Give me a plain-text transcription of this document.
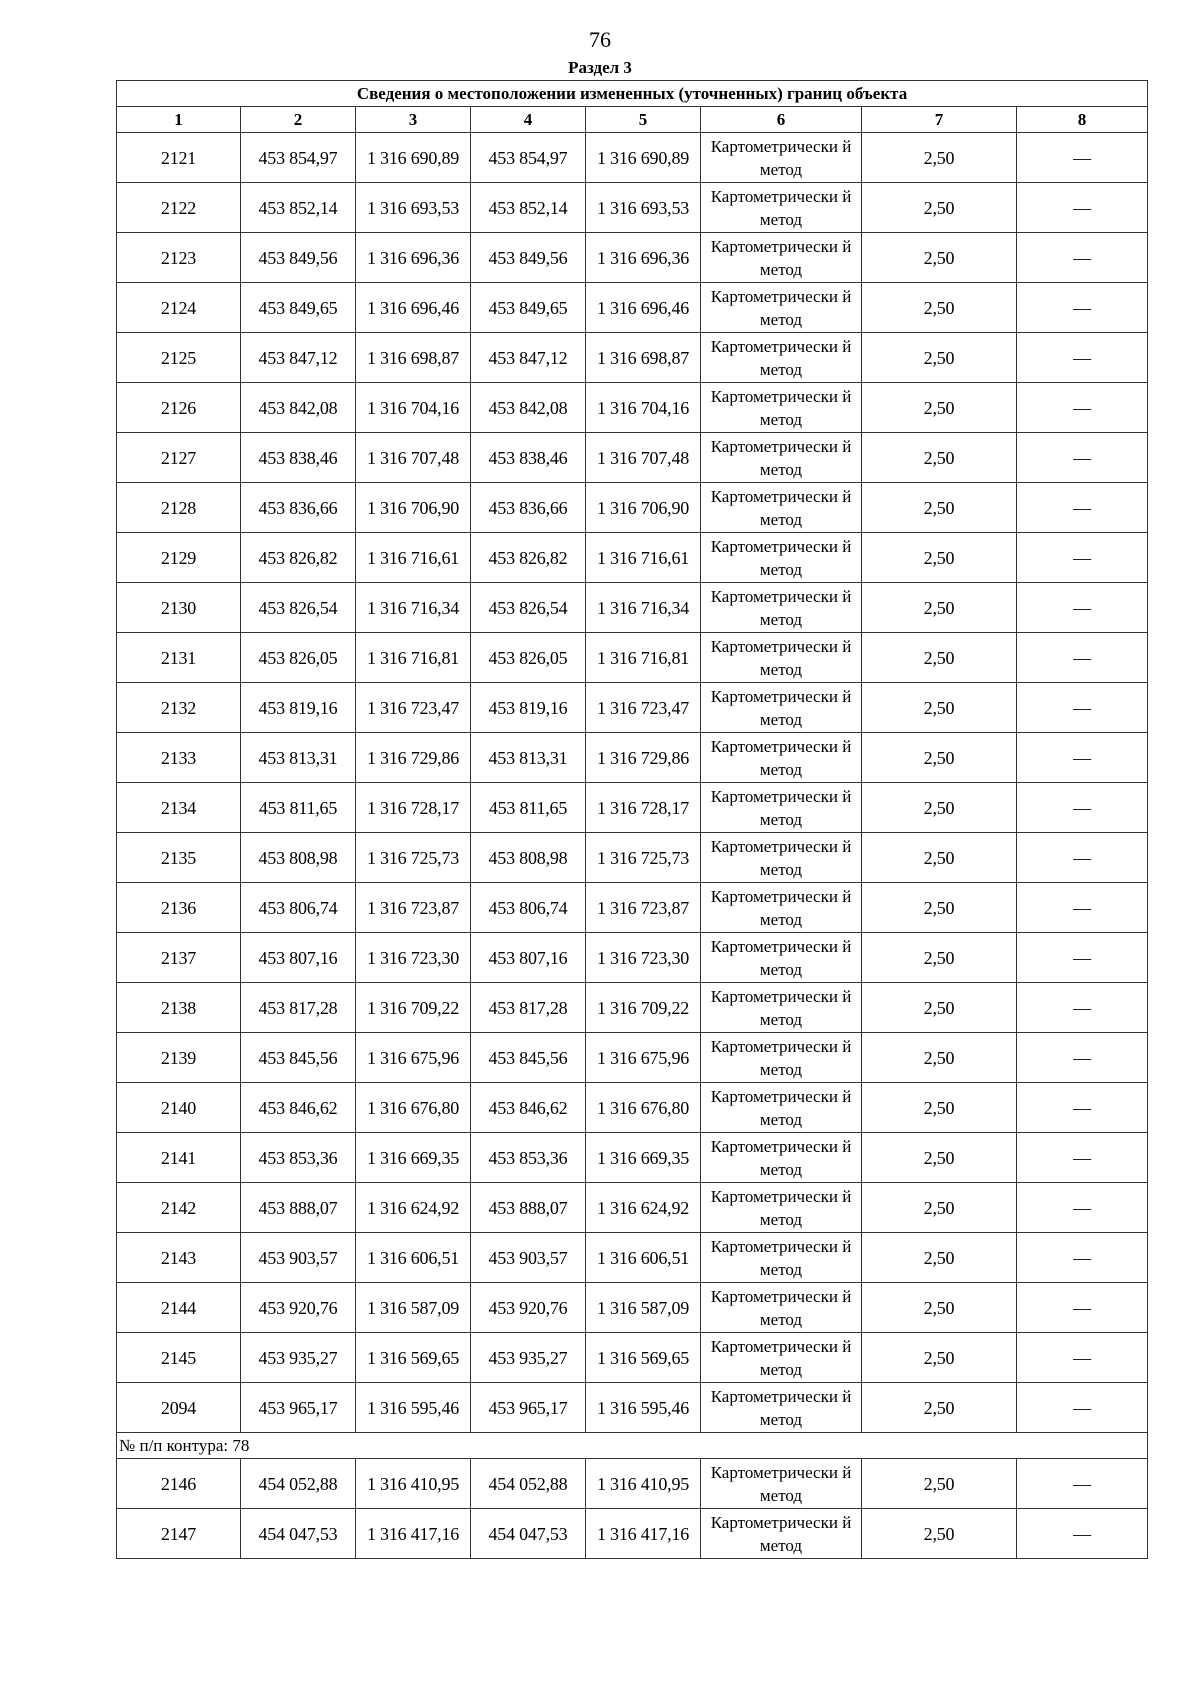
76
Раздел 3
Сведения о местоположении измененных (уточненных) границ объекта							
1	2	3	4	5	6	7	8
2121	453 854,97	1 316 690,89	453 854,97	1 316 690,89	Картометрически й метод	2,50	—
2122	453 852,14	1 316 693,53	453 852,14	1 316 693,53	Картометрически й метод	2,50	—
2123	453 849,56	1 316 696,36	453 849,56	1 316 696,36	Картометрически й метод	2,50	—
2124	453 849,65	1 316 696,46	453 849,65	1 316 696,46	Картометрически й метод	2,50	—
2125	453 847,12	1 316 698,87	453 847,12	1 316 698,87	Картометрически й метод	2,50	—
2126	453 842,08	1 316 704,16	453 842,08	1 316 704,16	Картометрически й метод	2,50	—
2127	453 838,46	1 316 707,48	453 838,46	1 316 707,48	Картометрически й метод	2,50	—
2128	453 836,66	1 316 706,90	453 836,66	1 316 706,90	Картометрически й метод	2,50	—
2129	453 826,82	1 316 716,61	453 826,82	1 316 716,61	Картометрически й метод	2,50	—
2130	453 826,54	1 316 716,34	453 826,54	1 316 716,34	Картометрически й метод	2,50	—
2131	453 826,05	1 316 716,81	453 826,05	1 316 716,81	Картометрически й метод	2,50	—
2132	453 819,16	1 316 723,47	453 819,16	1 316 723,47	Картометрически й метод	2,50	—
2133	453 813,31	1 316 729,86	453 813,31	1 316 729,86	Картометрически й метод	2,50	—
2134	453 811,65	1 316 728,17	453 811,65	1 316 728,17	Картометрически й метод	2,50	—
2135	453 808,98	1 316 725,73	453 808,98	1 316 725,73	Картометрически й метод	2,50	—
2136	453 806,74	1 316 723,87	453 806,74	1 316 723,87	Картометрически й метод	2,50	—
2137	453 807,16	1 316 723,30	453 807,16	1 316 723,30	Картометрически й метод	2,50	—
2138	453 817,28	1 316 709,22	453 817,28	1 316 709,22	Картометрически й метод	2,50	—
2139	453 845,56	1 316 675,96	453 845,56	1 316 675,96	Картометрически й метод	2,50	—
2140	453 846,62	1 316 676,80	453 846,62	1 316 676,80	Картометрически й метод	2,50	—
2141	453 853,36	1 316 669,35	453 853,36	1 316 669,35	Картометрически й метод	2,50	—
2142	453 888,07	1 316 624,92	453 888,07	1 316 624,92	Картометрически й метод	2,50	—
2143	453 903,57	1 316 606,51	453 903,57	1 316 606,51	Картометрически й метод	2,50	—
2144	453 920,76	1 316 587,09	453 920,76	1 316 587,09	Картометрически й метод	2,50	—
2145	453 935,27	1 316 569,65	453 935,27	1 316 569,65	Картометрически й метод	2,50	—
2094	453 965,17	1 316 595,46	453 965,17	1 316 595,46	Картометрически й метод	2,50	—
№ п/п контура: 78							
2146	454 052,88	1 316 410,95	454 052,88	1 316 410,95	Картометрически й метод	2,50	—
2147	454 047,53	1 316 417,16	454 047,53	1 316 417,16	Картометрически й метод	2,50	—
